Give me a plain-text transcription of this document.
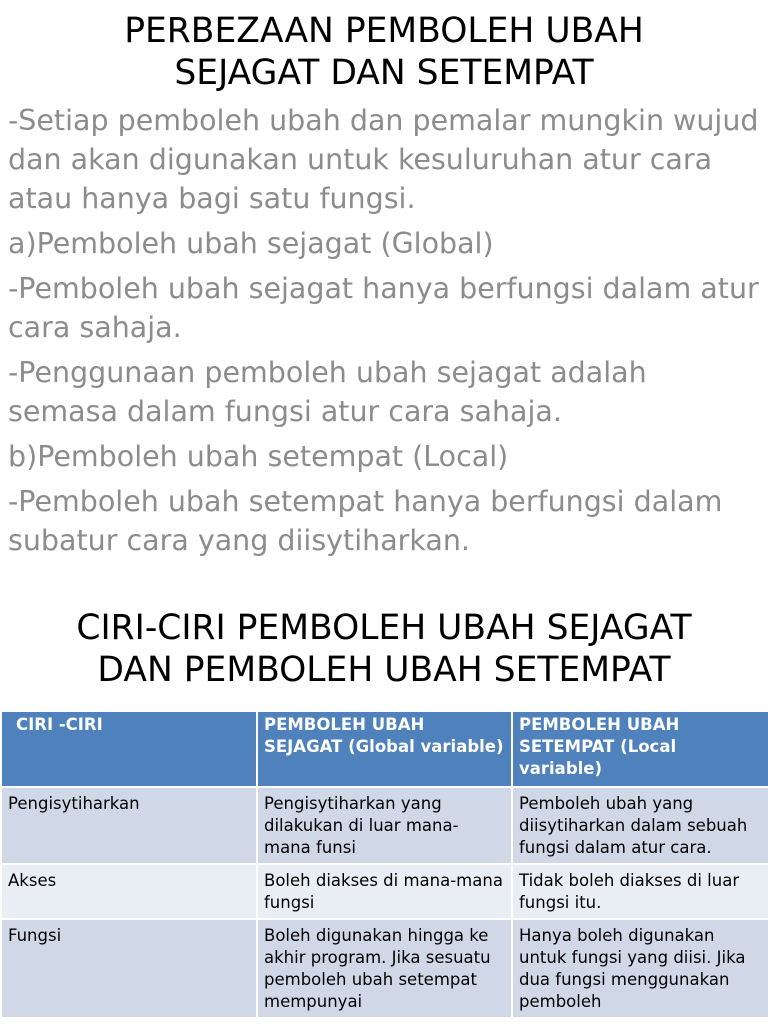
PERBEZAAN PEMBOLEH UBAH
SEJAGAT DAN SETEMPAT

-Setiap pemboleh ubah dan pemalar mungkin wujud dan akan digunakan untuk kesuluruhan atur cara atau hanya bagi satu fungsi.

a)Pemboleh ubah sejagat (Global)

-Pemboleh ubah sejagat hanya berfungsi dalam atur cara sahaja.

-Penggunaan pemboleh ubah sejagat adalah semasa dalam fungsi atur cara sahaja.

b)Pemboleh ubah setempat (Local)

-Pemboleh ubah setempat hanya berfungsi dalam subatur cara yang diisytiharkan.

CIRI-CIRI PEMBOLEH UBAH SEJAGAT
DAN PEMBOLEH UBAH SETEMPAT
CIRI -CIRI	PEMBOLEH UBAH SEJAGAT (Global variable)	PEMBOLEH UBAH SETEMPAT (Local variable)
Pengisytiharkan	Pengisytiharkan yang dilakukan di luar mana-mana funsi	Pemboleh ubah yang diisytiharkan dalam sebuah fungsi dalam atur cara.
Akses	Boleh diakses di mana-mana fungsi	Tidak boleh diakses di luar fungsi itu.
Fungsi	Boleh digunakan hingga ke akhir program. Jika sesuatu pemboleh ubah setempat mempunyai	Hanya boleh digunakan untuk fungsi yang diisi. Jika dua fungsi menggunakan pemboleh
